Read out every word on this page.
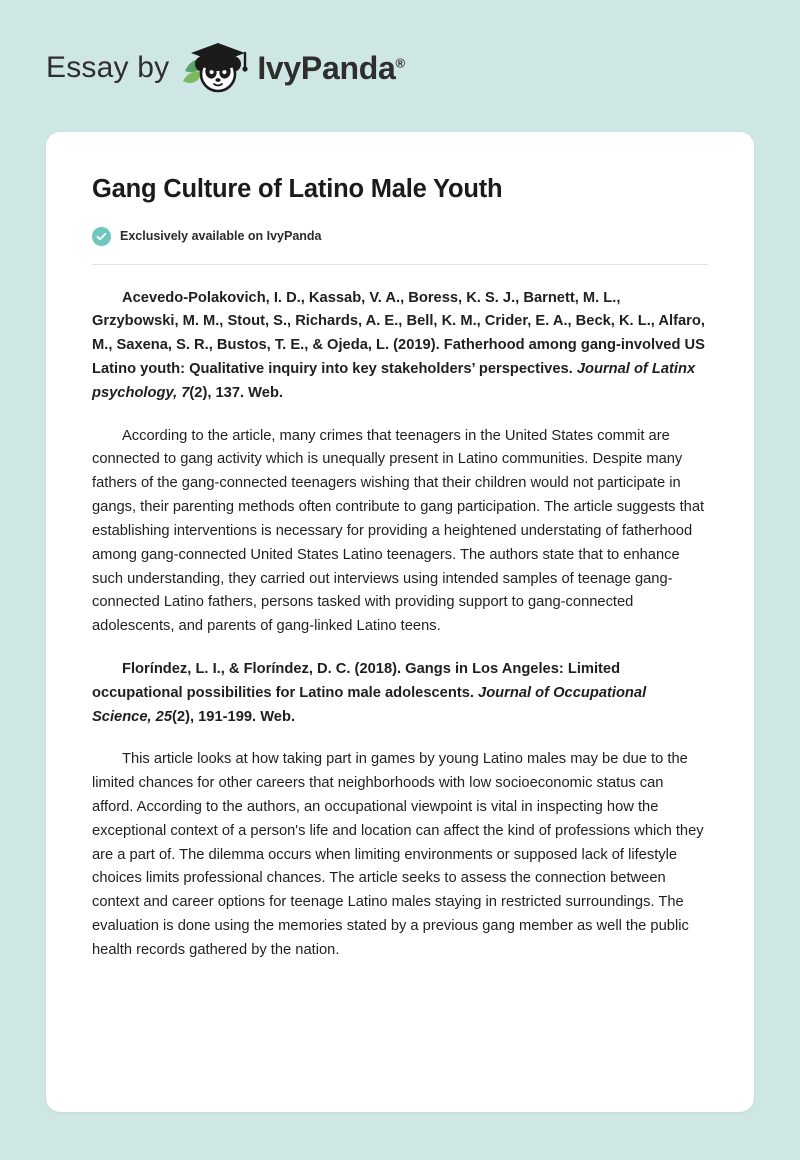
Essay by	IvyPanda®
Gang Culture of Latino Male Youth
Exclusively available on IvyPanda

Acevedo-Polakovich, I. D., Kassab, V. A., Boress, K. S. J., Barnett, M. L., Grzybowski, M. M., Stout, S., Richards, A. E., Bell, K. M., Crider, E. A., Beck, K. L., Alfaro, M., Saxena, S. R., Bustos, T. E., & Ojeda, L. (2019). Fatherhood among gang-involved US Latino youth: Qualitative inquiry into key stakeholders’ perspectives. Journal of Latinx psychology, 7(2), 137. Web.

According to the article, many crimes that teenagers in the United States commit are connected to gang activity which is unequally present in Latino communities. Despite many fathers of the gang-connected teenagers wishing that their children would not participate in gangs, their parenting methods often contribute to gang participation. The article suggests that establishing interventions is necessary for providing a heightened understating of fatherhood among gang-connected United States Latino teenagers. The authors state that to enhance such understanding, they carried out interviews using intended samples of teenage gang-connected Latino fathers, persons tasked with providing support to gang-connected adolescents, and parents of gang-linked Latino teens.

Floríndez, L. I., & Floríndez, D. C. (2018). Gangs in Los Angeles: Limited occupational possibilities for Latino male adolescents. Journal of Occupational Science, 25(2), 191-199. Web.

This article looks at how taking part in games by young Latino males may be due to the limited chances for other careers that neighborhoods with low socioeconomic status can afford. According to the authors, an occupational viewpoint is vital in inspecting how the exceptional context of a person's life and location can affect the kind of professions which they are a part of. The dilemma occurs when limiting environments or supposed lack of lifestyle choices limits professional chances. The article seeks to assess the connection between context and career options for teenage Latino males staying in restricted surroundings. The evaluation is done using the memories stated by a previous gang member as well the public health records gathered by the nation.
